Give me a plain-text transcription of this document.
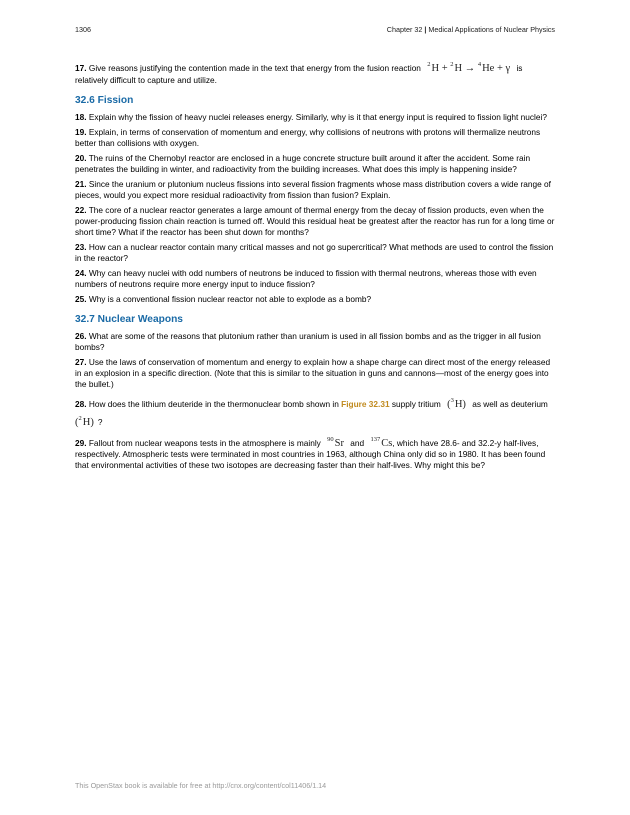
1306	Chapter 32 | Medical Applications of Nuclear Physics

17. Give reasons justifying the contention made in the text that energy from the fusion reaction $^2$H + $^2$H → $^4$He + γ is relatively difficult to capture and utilize.

32.6 Fission

18. Explain why the fission of heavy nuclei releases energy. Similarly, why is it that energy input is required to fission light nuclei?

19. Explain, in terms of conservation of momentum and energy, why collisions of neutrons with protons will thermalize neutrons better than collisions with oxygen.

20. The ruins of the Chernobyl reactor are enclosed in a huge concrete structure built around it after the accident. Some rain penetrates the building in winter, and radioactivity from the building increases. What does this imply is happening inside?

21. Since the uranium or plutonium nucleus fissions into several fission fragments whose mass distribution covers a wide range of pieces, would you expect more residual radioactivity from fission than fusion? Explain.

22. The core of a nuclear reactor generates a large amount of thermal energy from the decay of fission products, even when the power-producing fission chain reaction is turned off. Would this residual heat be greatest after the reactor has run for a long time or short time? What if the reactor has been shut down for months?

23. How can a nuclear reactor contain many critical masses and not go supercritical? What methods are used to control the fission in the reactor?

24. Why can heavy nuclei with odd numbers of neutrons be induced to fission with thermal neutrons, whereas those with even numbers of neutrons require more energy input to induce fission?

25. Why is a conventional fission nuclear reactor not able to explode as a bomb?

32.7 Nuclear Weapons

26. What are some of the reasons that plutonium rather than uranium is used in all fission bombs and as the trigger in all fusion bombs?

27. Use the laws of conservation of momentum and energy to explain how a shape charge can direct most of the energy released in an explosion in a specific direction. (Note that this is similar to the situation in guns and cannons—most of the energy goes into the bullet.)

28. How does the lithium deuteride in the thermonuclear bomb shown in Figure 32.31 supply tritium ($^3$H) as well as deuterium ($^2$H) ?

29. Fallout from nuclear weapons tests in the atmosphere is mainly $^{90}$Sr and $^{137}$Cs, which have 28.6- and 32.2-y half-lives, respectively. Atmospheric tests were terminated in most countries in 1963, although China only did so in 1980. It has been found that environmental activities of these two isotopes are decreasing faster than their half-lives. Why might this be?

This OpenStax book is available for free at http://cnx.org/content/col11406/1.14
